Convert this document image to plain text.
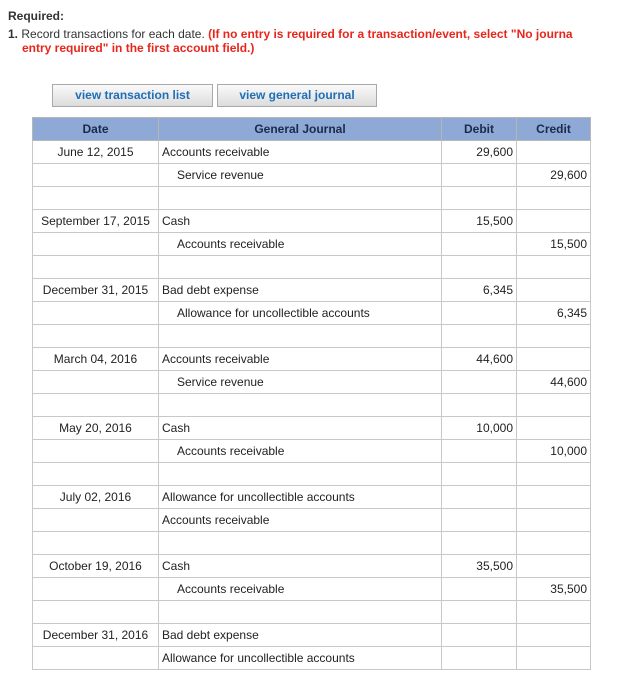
Required:
1. Record transactions for each date. (If no entry is required for a transaction/event, select "No journa
entry required" in the first account field.)
view transaction list	view general journal
Date	General Journal	Debit	Credit
June 12, 2015	Accounts receivable	29,600	
	Service revenue		29,600

September 17, 2015	Cash	15,500	
	Accounts receivable		15,500

December 31, 2015	Bad debt expense	6,345	
	Allowance for uncollectible accounts		6,345

March 04, 2016	Accounts receivable	44,600	
	Service revenue		44,600

May 20, 2016	Cash	10,000	
	Accounts receivable		10,000

July 02, 2016	Allowance for uncollectible accounts		
	Accounts receivable		

October 19, 2016	Cash	35,500	
	Accounts receivable		35,500

December 31, 2016	Bad debt expense		
	Allowance for uncollectible accounts		
